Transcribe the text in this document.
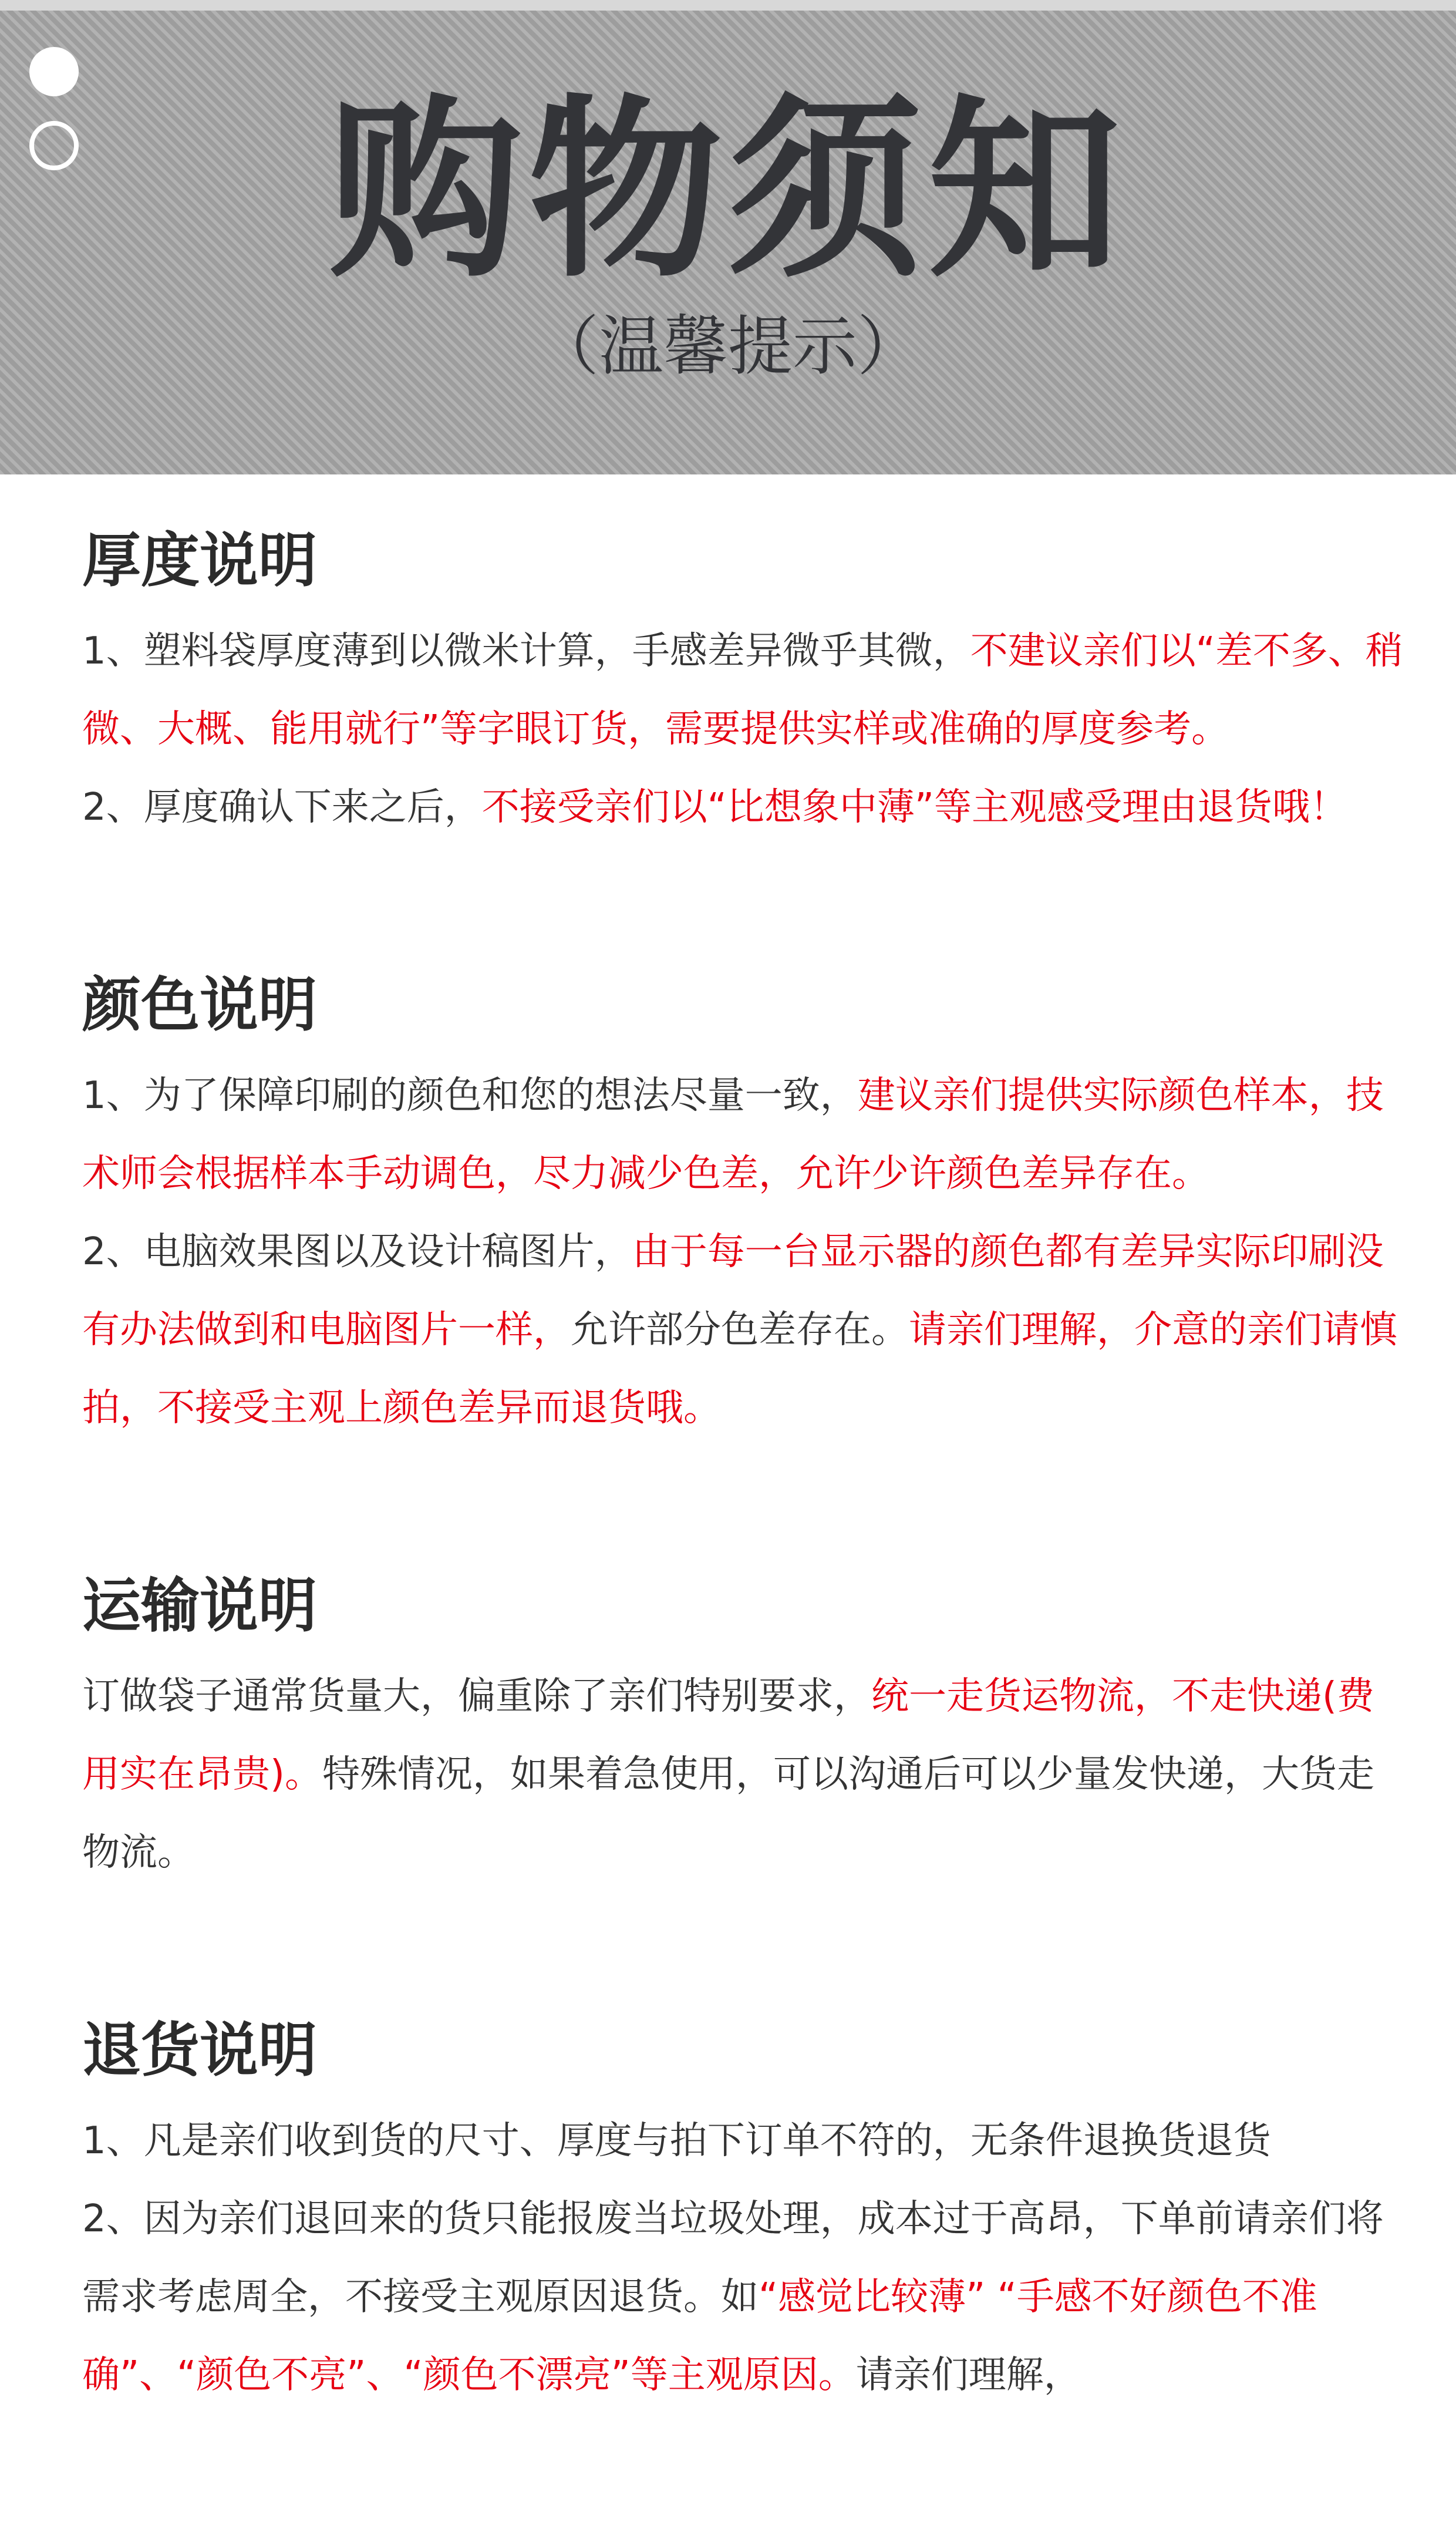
购物须知
（温馨提示）
厚度说明

1、塑料袋厚度薄到以微米计算，手感差异微乎其微，不建议亲们以“差不多、稍微、大概、能用就行”等字眼订货，需要提供实样或准确的厚度参考。

2、厚度确认下来之后，不接受亲们以“比想象中薄”等主观感受理由退货哦！

颜色说明

1、为了保障印刷的颜色和您的想法尽量一致，建议亲们提供实际颜色样本，技术师会根据样本手动调色，尽力减少色差，允许少许颜色差异存在。

2、电脑效果图以及设计稿图片，由于每一台显示器的颜色都有差异实际印刷没有办法做到和电脑图片一样，允许部分色差存在。请亲们理解，介意的亲们请慎拍，不接受主观上颜色差异而退货哦。

运输说明

订做袋子通常货量大，偏重除了亲们特别要求，统一走货运物流，不走快递(费用实在昂贵)。特殊情况，如果着急使用，可以沟通后可以少量发快递，大货走物流。

退货说明

1、凡是亲们收到货的尺寸、厚度与拍下订单不符的，无条件退换货退货

2、因为亲们退回来的货只能报废当垃圾处理，成本过于高昂，下单前请亲们将需求考虑周全，不接受主观原因退货。如“感觉比较薄” “手感不好颜色不准确”、“颜色不亮”、“颜色不漂亮”等主观原因。请亲们理解，
